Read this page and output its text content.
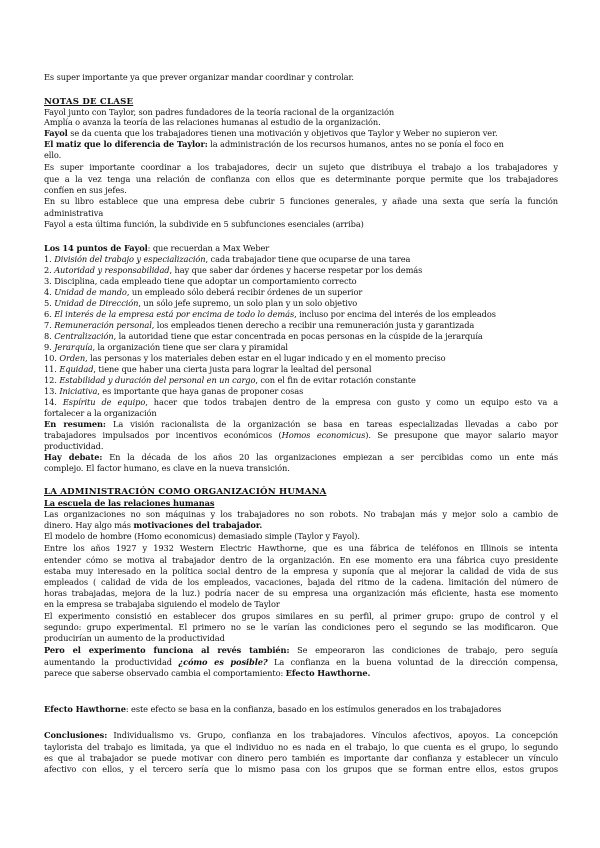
Es super importante ya que prever organizar mandar coordinar y controlar.
NOTAS DE CLASE
Fayol junto con Taylor, son padres fundadores de la teoría racional de la organización
Amplía o avanza la teoría de las relaciones humanas al estudio de la organización.
Fayol se da cuenta que los trabajadores tienen una motivación y objetivos que Taylor y Weber no supieron ver.
El matiz que lo diferencia de Taylor: la administración de los recursos humanos, antes no se ponía el foco en
ello.
Es super importante coordinar a los trabajadores, decir un sujeto que distribuya el trabajo a los trabajadores y
que a la vez tenga una relación de confianza con ellos que es determinante porque permite que los trabajadores
confíen en sus jefes.
En su libro establece que una empresa debe cubrir 5 funciones generales, y añade una sexta que sería la función
administrativa
Fayol a esta última función, la subdivide en 5 subfunciones esenciales (arriba)
Los 14 puntos de Fayol: que recuerdan a Max Weber
1. División del trabajo y especialización, cada trabajador tiene que ocuparse de una tarea
2. Autoridad y responsabilidad, hay que saber dar órdenes y hacerse respetar por los demás
3. Disciplina, cada empleado tiene que adoptar un comportamiento correcto
4. Unidad de mando, un empleado sólo deberá recibir órdenes de un superior
5. Unidad de Dirección, un sólo jefe supremo, un solo plan y un solo objetivo
6. El interés de la empresa está por encima de todo lo demás, incluso por encima del interés de los empleados
7. Remuneración personal, los empleados tienen derecho a recibir una remuneración justa y garantizada
8. Centralización, la autoridad tiene que estar concentrada en pocas personas en la cúspide de la jerarquía
9. Jerarquía, la organización tiene que ser clara y piramidal
10. Orden, las personas y los materiales deben estar en el lugar indicado y en el momento preciso
11. Equidad, tiene que haber una cierta justa para lograr la lealtad del personal
12. Estabilidad y duración del personal en un cargo, con el fin de evitar rotación constante
13. Iniciativa, es importante que haya ganas de proponer cosas
14. Espíritu de equipo, hacer que todos trabajen dentro de la empresa con gusto y como un equipo esto va a
fortalecer a la organización
En resumen: La visión racionalista de la organización se basa en tareas especializadas llevadas a cabo por
trabajadores impulsados por incentivos económicos (Homos economicus). Se presupone que mayor salario mayor
productividad.
Hay debate: En la década de los años 20 las organizaciones empiezan a ser percibidas como un ente más
complejo. El factor humano, es clave en la nueva transición.
LA ADMINISTRACIÓN COMO ORGANIZACIÓN HUMANA
La escuela de las relaciones humanas
Las organizaciones no son máquinas y los trabajadores no son robots. No trabajan más y mejor solo a cambio de
dinero. Hay algo más motivaciones del trabajador.
El modelo de hombre (Homo economicus) demasiado simple (Taylor y Fayol).
Entre los años 1927 y 1932 Western Electric Hawthorne, que es una fábrica de teléfonos en Illinois se intenta
entender cómo se motiva al trabajador dentro de la organización. En ese momento era una fábrica cuyo presidente
estaba muy interesado en la política social dentro de la empresa y suponía que al mejorar la calidad de vida de sus
empleados ( calidad de vida de los empleados, vacaciones, bajada del ritmo de la cadena. limitación del número de
horas trabajadas, mejora de la luz.) podría nacer de su empresa una organización más eficiente, hasta ese momento
en la empresa se trabajaba siguiendo el modelo de Taylor
El experimento consistió en establecer dos grupos similares en su perfil, al primer grupo: grupo de control y el
segundo: grupo experimental. El primero no se le varían las condiciones pero el segundo se las modificaron. Que
producirían un aumento de la productividad
Pero el experimento funciona al revés también: Se empeoraron las condiciones de trabajo, pero seguía
aumentando la productividad ¿cómo es posible? La confianza en la buena voluntad de la dirección compensa,
parece que saberse observado cambia el comportamiento: Efecto Hawthorne.
Efecto Hawthorne: este efecto se basa en la confianza, basado en los estímulos generados en los trabajadores
Conclusiones: Individualismo vs. Grupo, confianza en los trabajadores. Vínculos afectivos, apoyos. La concepción
taylorista del trabajo es limitada, ya que el individuo no es nada en el trabajo, lo que cuenta es el grupo, lo segundo
es que al trabajador se puede motivar con dinero pero también es importante dar confianza y establecer un vínculo
afectivo con ellos, y el tercero sería que lo mismo pasa con los grupos que se forman entre ellos, estos grupos
